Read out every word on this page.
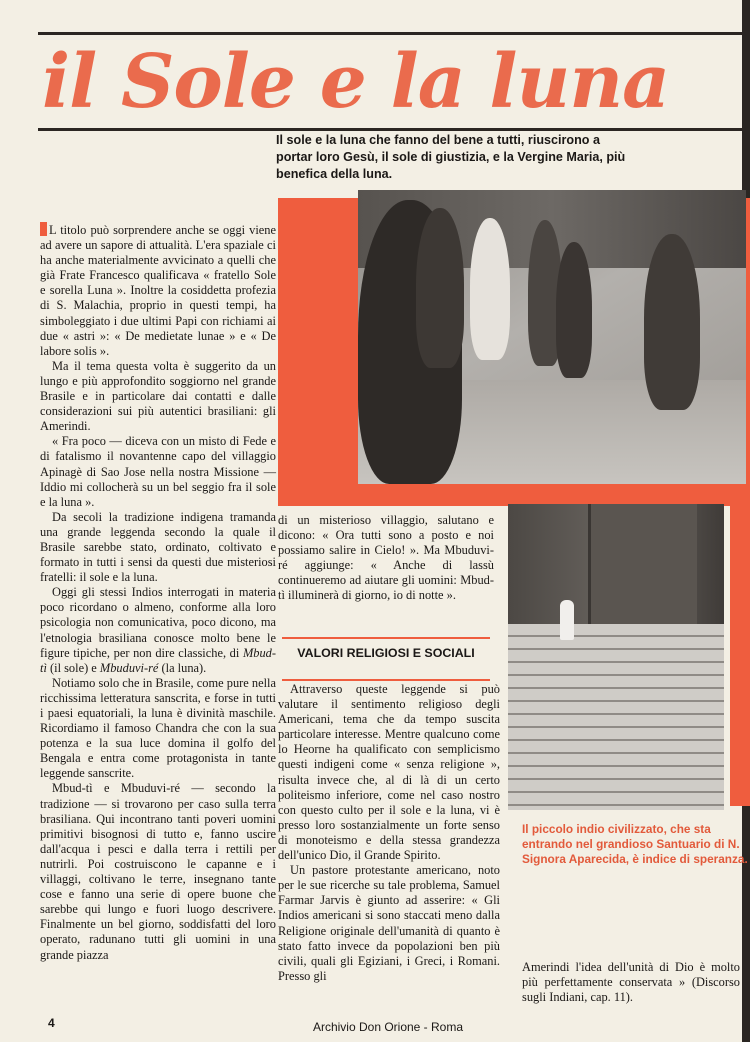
il Sole e la luna

Il sole e la luna che fanno del bene a tutti, riuscirono a portar loro Gesù, il sole di giustizia, e la Vergine Maria, più benefica della luna.

Il piccolo indio civilizzato, che sta entrando nel grandioso Santuario di N. Signora Aparecida, è indice di speranza.

L titolo può sorprendere anche se oggi viene ad avere un sapore di attualità. L'era spaziale ci ha anche materialmente avvicinato a quelli che già Frate Francesco qualificava « fratello Sole e sorella Luna ». Inoltre la cosiddetta profezia di S. Malachia, proprio in questi tempi, ha simboleggiato i due ultimi Papi con richiami ai due « astri »: « De medietate lunae » e « De labore solis ».

Ma il tema questa volta è suggerito da un lungo e più approfondito soggiorno nel grande Brasile e in particolare dai contatti e dalle considerazioni sui più autentici brasiliani: gli Amerindi.

« Fra poco — diceva con un misto di Fede e di fatalismo il novantenne capo del villaggio Apinagè di Sao Jose nella nostra Missione — Iddio mi collocherà su un bel seggio fra il sole e la luna ».

Da secoli la tradizione indigena tramanda una grande leggenda secondo la quale il Brasile sarebbe stato, ordinato, coltivato e formato in tutti i sensi da questi due misteriosi fratelli: il sole e la luna.

Oggi gli stessi Indios interrogati in materia poco ricordano o almeno, conforme alla loro psicologia non comunicativa, poco dicono, ma l'etnologia brasiliana conosce molto bene le figure tipiche, per non dire classiche, di Mbud-tì (il sole) e Mbuduvi-ré (la luna).

Notiamo solo che in Brasile, come pure nella ricchissima letteratura sanscrita, e forse in tutti i paesi equatoriali, la luna è divinità maschile. Ricordiamo il famoso Chandra che con la sua potenza e la sua luce domina il golfo del Bengala e entra come protagonista in tante leggende sanscrite.

Mbud-tì e Mbuduvi-ré — secondo la tradizione — si trovarono per caso sulla terra brasiliana. Qui incontrano tanti poveri uomini primitivi bisognosi di tutto e, fanno uscire dall'acqua i pesci e dalla terra i rettili per nutrirli. Poi costruiscono le capanne e i villaggi, coltivano le terre, insegnano tante cose e fanno una serie di opere buone che sarebbe qui lungo e fuori luogo descrivere. Finalmente un bel giorno, soddisfatti del loro operato, radunano tutti gli uomini in una grande piazza

di un misterioso villaggio, salutano e dicono: « Ora tutti sono a posto e noi possiamo salire in Cielo! ». Ma Mbuduvi-ré aggiunge: « Anche di lassù continueremo ad aiutare gli uomini: Mbud-tì illuminerà di giorno, io di notte ».

VALORI RELIGIOSI E SOCIALI

Attraverso queste leggende si può valutare il sentimento religioso degli Americani, tema che da tempo suscita particolare interesse. Mentre qualcuno come lo Heorne ha qualificato con semplicismo questi indigeni come « senza religione », risulta invece che, al di là di un certo politeismo inferiore, come nel caso nostro con questo culto per il sole e la luna, vi è presso loro sostanzialmente un forte senso di monoteismo e della stessa grandezza dell'unico Dio, il Grande Spirito.

Un pastore protestante americano, noto per le sue ricerche su tale problema, Samuel Farmar Jarvis è giunto ad asserire: « Gli Indios americani si sono staccati meno dalla Religione originale dell'umanità di quanto è stato fatto invece da popolazioni ben più civili, quali gli Egiziani, i Greci, i Romani. Presso gli

Amerindi l'idea dell'unità di Dio è molto più perfettamente conservata » (Discorso sugli Indiani, cap. 11).

4	Archivio Don Orione - Roma
